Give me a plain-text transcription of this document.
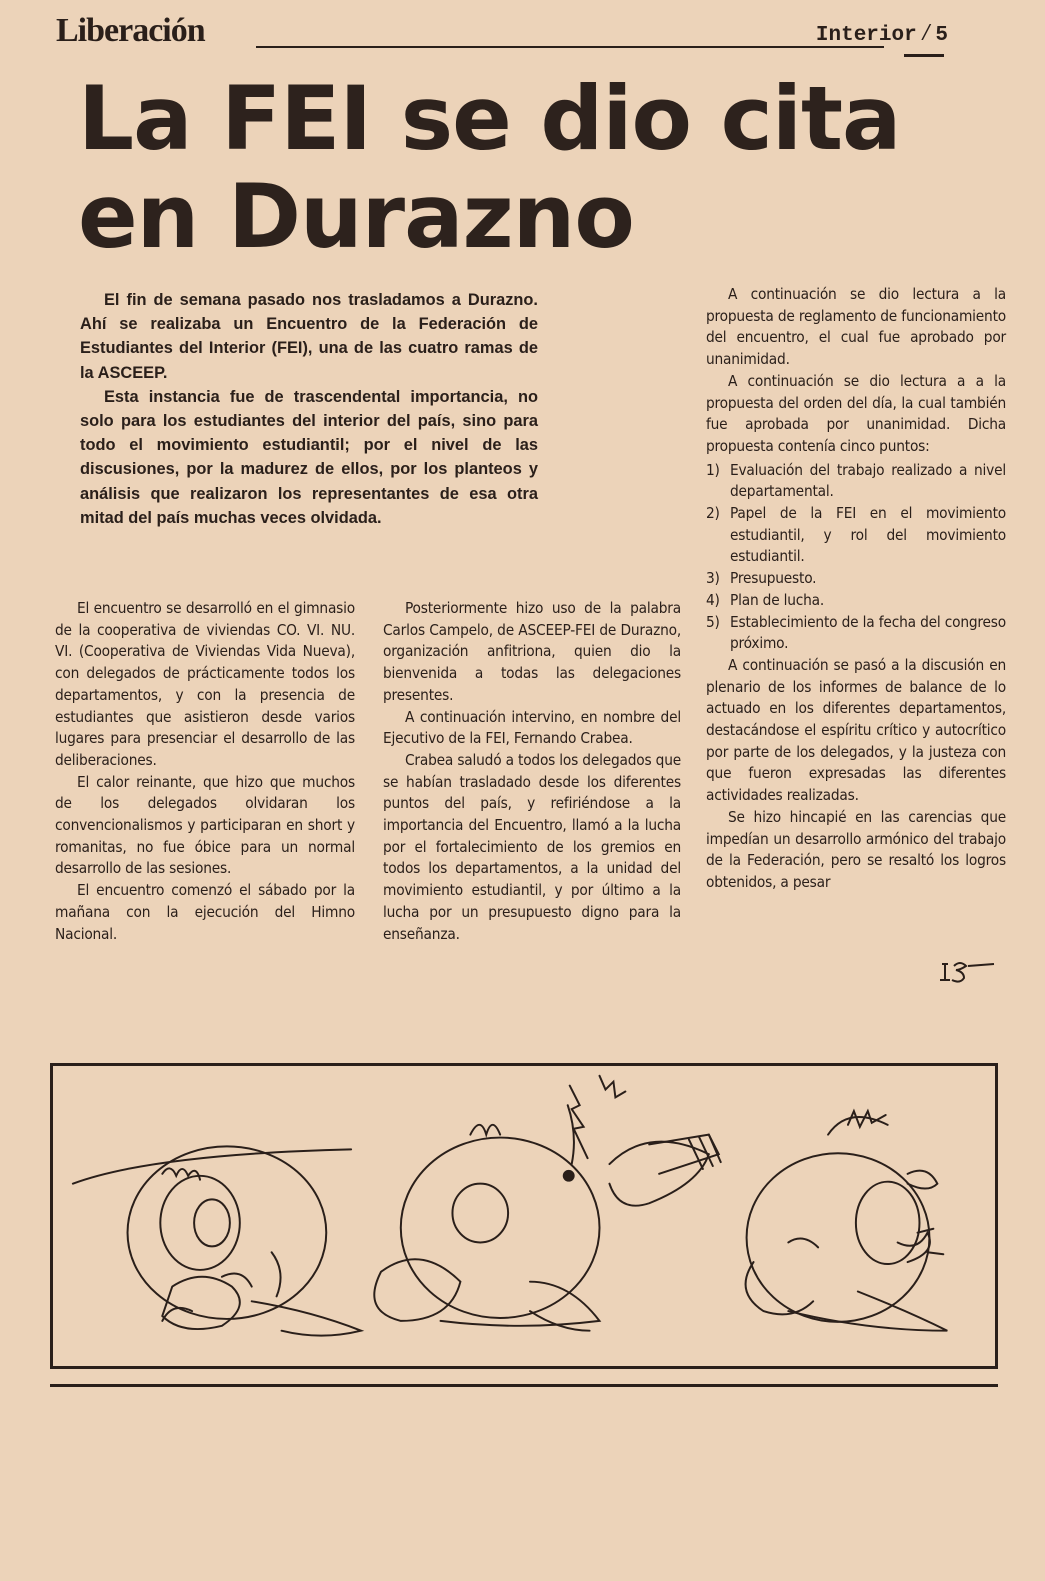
Liberación	Interior / 5
La FEI se dio cita
en Durazno

El fin de semana pasado nos trasladamos a Durazno. Ahí se realizaba un Encuentro de la Federación de Estudiantes del Interior (FEI), una de las cuatro ramas de la ASCEEP.

Esta instancia fue de trascendental importancia, no solo para los estudiantes del interior del país, sino para todo el movimiento estudiantil; por el nivel de las discusiones, por la madurez de ellos, por los planteos y análisis que realizaron los representantes de esa otra mitad del país muchas veces olvidada.

El encuentro se desarrolló en el gimnasio de la cooperativa de viviendas CO. VI. NU. VI. (Cooperativa de Viviendas Vida Nueva), con delegados de prácticamente todos los departamentos, y con la presencia de estudiantes que asistieron desde varios lugares para presenciar el desarrollo de las deliberaciones.

El calor reinante, que hizo que muchos de los delegados olvidaran los convencionalismos y participaran en short y romanitas, no fue óbice para un normal desarrollo de las sesiones.

El encuentro comenzó el sábado por la mañana con la ejecución del Himno Nacional.

Posteriormente hizo uso de la palabra Carlos Campelo, de ASCEEP-FEI de Durazno, organización anfitriona, quien dio la bienvenida a todas las delegaciones presentes.

A continuación intervino, en nombre del Ejecutivo de la FEI, Fernando Crabea.

Crabea saludó a todos los delegados que se habían trasladado desde los diferentes puntos del país, y refiriéndose a la importancia del Encuentro, llamó a la lucha por el fortalecimiento de los gremios en todos los departamentos, a la unidad del movimiento estudiantil, y por último a la lucha por un presupuesto digno para la enseñanza.

A continuación se dio lectura a la propuesta de reglamento de funcionamiento del encuentro, el cual fue aprobado por unanimidad.

A continuación se dio lectura a a la propuesta del orden del día, la cual también fue aprobada por unanimidad. Dicha propuesta contenía cinco puntos:

1) Evaluación del trabajo realizado a nivel departamental.
2) Papel de la FEI en el movimiento estudiantil, y rol del movimiento estudiantil.
3) Presupuesto.
4) Plan de lucha.
5) Establecimiento de la fecha del congreso próximo.

A continuación se pasó a la discusión en plenario de los informes de balance de lo actuado en los diferentes departamentos, destacándose el espíritu crítico y autocrítico por parte de los delegados, y la justeza con que fueron expresadas las diferentes actividades realizadas.

Se hizo hincapié en las carencias que impedían un desarrollo armónico del trabajo de la Federación, pero se resaltó los logros obtenidos, a pesar
